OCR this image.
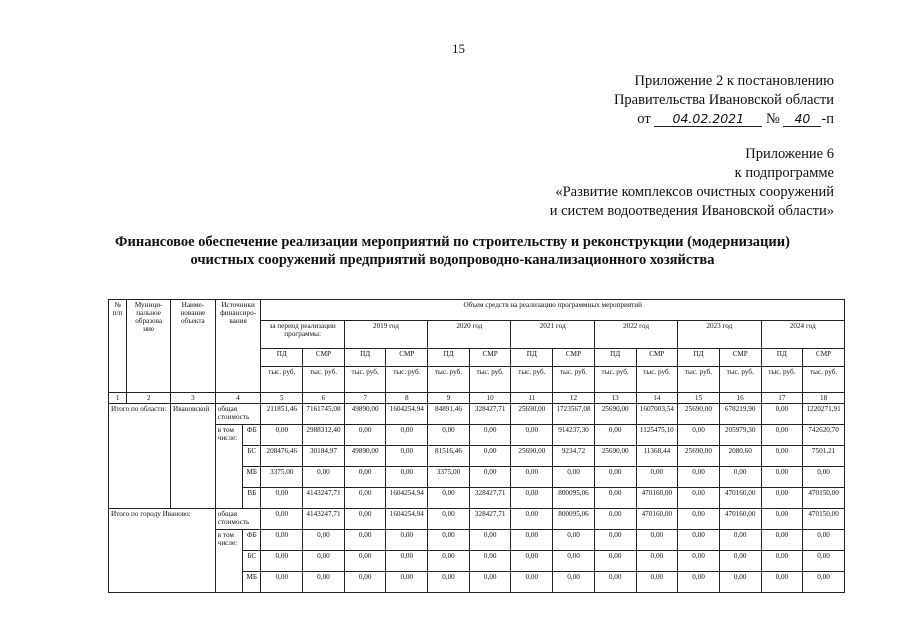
15
Приложение 2 к постановлению
Правительства Ивановской области
от 04.02.2021 № 40 -п
Приложение 6
к подпрограмме
«Развитие комплексов очистных сооружений
и систем водоотведения Ивановской области»
Финансовое обеспечение реализации мероприятий по строительству и реконструкции (модернизации)
очистных сооружений предприятий водопроводно-канализационного хозяйства
№ п/п	Муници-пальное образова ние	Наиме-нование объекта	Источники финансиро-вания		Объем средств на реализацию программных мероприятий													
					за период реализации программы:		2019 год		2020 год		2021 год		2022 год		2023 год		2024 год	
					ПД	СМР	ПД	СМР	ПД	СМР	ПД	СМР	ПД	СМР	ПД	СМР	ПД	СМР
					тыс. руб.	тыс. руб.	тыс. руб.	тыс. руб.	тыс. руб.	тыс. руб.	тыс. руб.	тыс. руб.	тыс. руб.	тыс. руб.	тыс. руб.	тыс. руб.	тыс. руб.	тыс. руб.
1	2	3	4		5	6	7	8	9	10	11	12	13	14	15	16	17	18
Итого по области:		Ивановской	общая стоимость		211851,46	7161745,08	49890,00	1604254,94	84891,46	328427,71	25690,00	1723567,08	25690,00	1607003,54	25690,00	678219,90	0,00	1220271,91
			в том числе:	ФБ	0,00	2988312,40	0,00	0,00	0,00	0,00	0,00	914237,30	0,00	1125475,10	0,00	205979,30	0,00	742620,70
				БС	208476,46	30184,97	49890,00	0,00	81516,46	0,00	25690,00	9234,72	25690,00	11368,44	25690,00	2080,60	0,00	7501,21
				МБ	3375,00	0,00	0,00	0,00	3375,00	0,00	0,00	0,00	0,00	0,00	0,00	0,00	0,00	0,00
				ВБ	0,00	4143247,71	0,00	1604254,94	0,00	328427,71	0,00	800095,06	0,00	470160,00	0,00	470160,00	0,00	470150,00
Итого по городу Иваново:			общая стоимость		0,00	4143247,71	0,00	1604254,94	0,00	328427,71	0,00	800095,06	0,00	470160,00	0,00	470160,00	0,00	470150,00
			в том числе:	ФБ	0,00	0,00	0,00	0,00	0,00	0,00	0,00	0,00	0,00	0,00	0,00	0,00	0,00	0,00
				БС	0,00	0,00	0,00	0,00	0,00	0,00	0,00	0,00	0,00	0,00	0,00	0,00	0,00	0,00
				МБ	0,00	0,00	0,00	0,00	0,00	0,00	0,00	0,00	0,00	0,00	0,00	0,00	0,00	0,00
